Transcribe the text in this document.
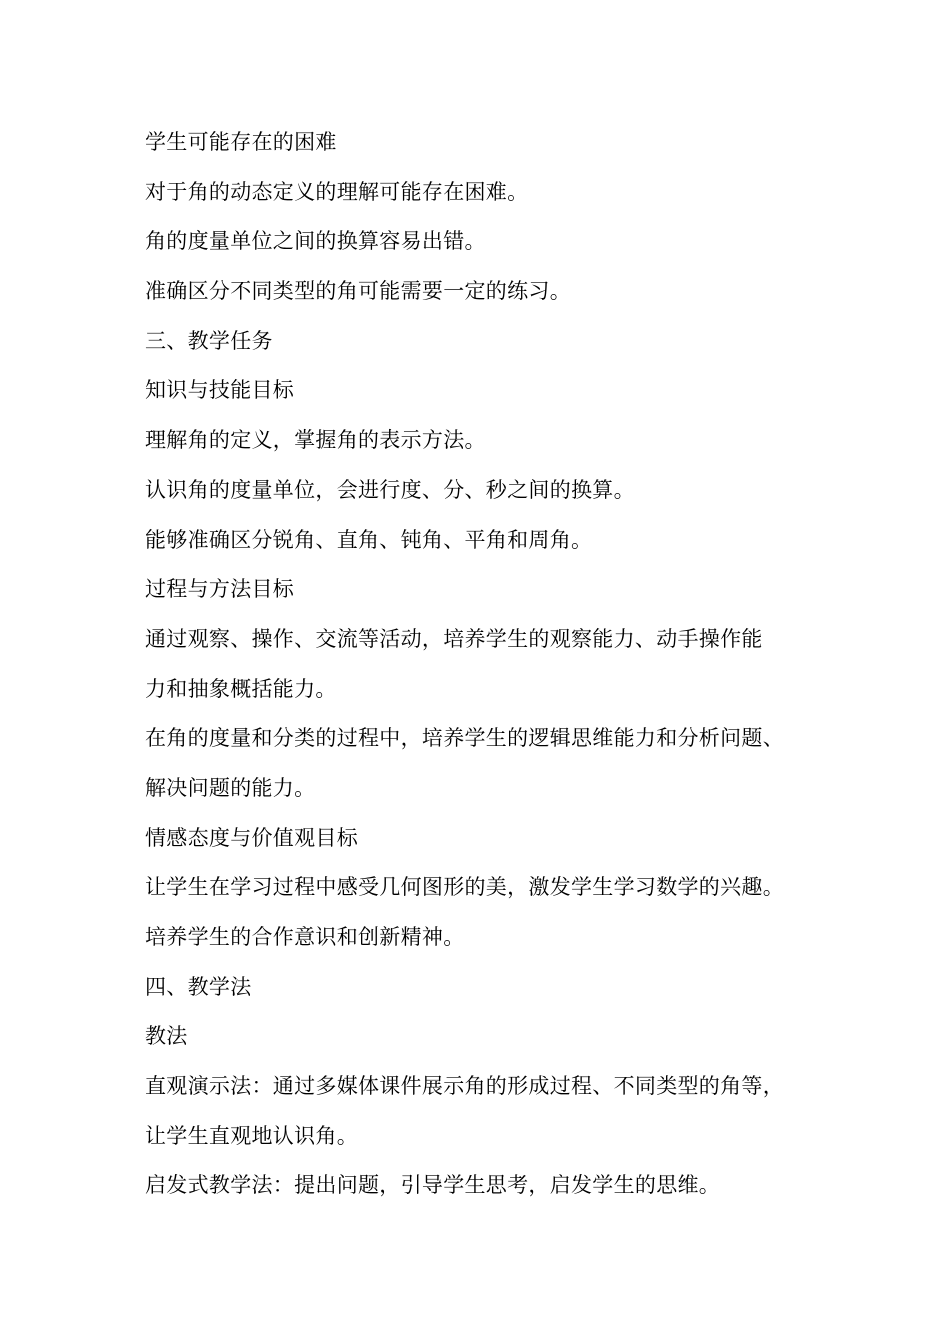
学生可能存在的困难
对于角的动态定义的理解可能存在困难。
角的度量单位之间的换算容易出错。
准确区分不同类型的角可能需要一定的练习。
三、教学任务
知识与技能目标
理解角的定义，掌握角的表示方法。
认识角的度量单位，会进行度、分、秒之间的换算。
能够准确区分锐角、直角、钝角、平角和周角。
过程与方法目标
通过观察、操作、交流等活动，培养学生的观察能力、动手操作能
力和抽象概括能力。
在角的度量和分类的过程中，培养学生的逻辑思维能力和分析问题、
解决问题的能力。
情感态度与价值观目标
让学生在学习过程中感受几何图形的美，激发学生学习数学的兴趣。
培养学生的合作意识和创新精神。
四、教学法
教法
直观演示法：通过多媒体课件展示角的形成过程、不同类型的角等，
让学生直观地认识角。
启发式教学法：提出问题，引导学生思考，启发学生的思维。
